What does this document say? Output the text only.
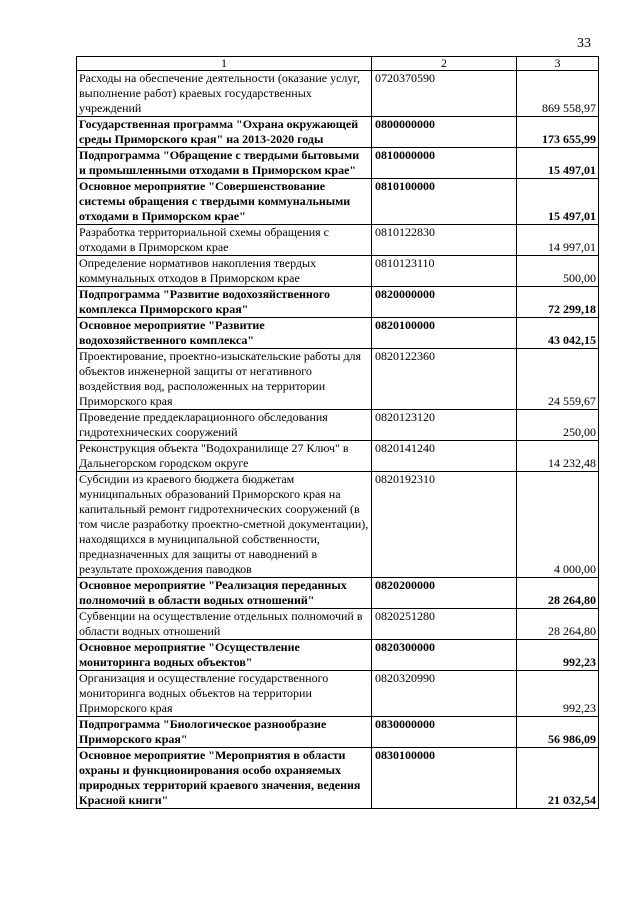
33
1	2	3
Расходы на обеспечение деятельности (оказание услуг, выполнение работ) краевых государственных учреждений	0720370590	869 558,97
Государственная программа "Охрана окружающей среды Приморского края" на 2013-2020 годы	0800000000	173 655,99
Подпрограмма "Обращение с твердыми бытовыми и промышленными отходами в Приморском крае"	0810000000	15 497,01
Основное мероприятие "Совершенствование системы обращения с твердыми коммунальными отходами в Приморском крае"	0810100000	15 497,01
Разработка территориальной схемы обращения с отходами в Приморском крае	0810122830	14 997,01
Определение нормативов накопления твердых коммунальных отходов в Приморском крае	0810123110	500,00
Подпрограмма "Развитие водохозяйственного комплекса Приморского края"	0820000000	72 299,18
Основное мероприятие "Развитие водохозяйственного комплекса"	0820100000	43 042,15
Проектирование, проектно-изыскательские работы для объектов инженерной защиты от негативного воздействия вод, расположенных на территории Приморского края	0820122360	24 559,67
Проведение преддекларационного обследования гидротехнических сооружений	0820123120	250,00
Реконструкция объекта "Водохранилище 27 Ключ" в Дальнегорском городском округе	0820141240	14 232,48
Субсидии из краевого бюджета бюджетам муниципальных образований Приморского края на капитальный ремонт гидротехнических сооружений (в том числе разработку проектно-сметной документации), находящихся в муниципальной собственности, предназначенных для защиты от наводнений в результате прохождения паводков	0820192310	4 000,00
Основное мероприятие "Реализация переданных полномочий в области водных отношений"	0820200000	28 264,80
Субвенции на осуществление отдельных полномочий в области водных отношений	0820251280	28 264,80
Основное мероприятие "Осуществление мониторинга водных объектов"	0820300000	992,23
Организация и осуществление государственного мониторинга водных объектов на территории Приморского края	0820320990	992,23
Подпрограмма "Биологическое разнообразие Приморского края"	0830000000	56 986,09
Основное мероприятие "Мероприятия в области охраны и функционирования особо охраняемых природных территорий краевого значения, ведения Красной книги"	0830100000	21 032,54
